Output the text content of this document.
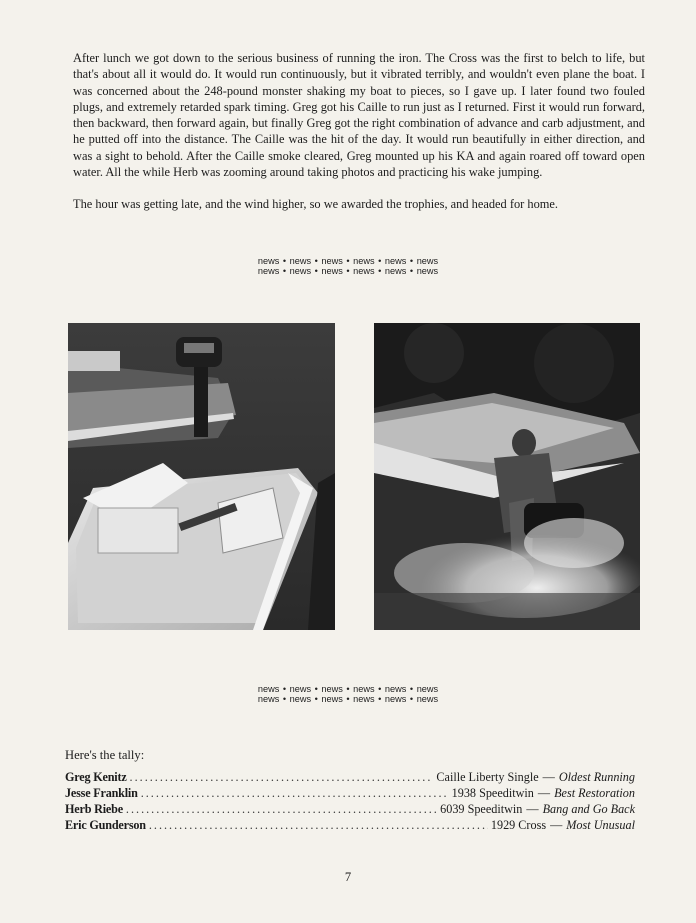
After lunch we got down to the serious business of running the iron. The Cross was the first to belch to life, but that's about all it would do. It would run continuously, but it vibrated terribly, and wouldn't even plane the boat. I was concerned about the 248-pound monster shaking my boat to pieces, so I gave up. I later found two fouled plugs, and extremely retarded spark timing. Greg got his Caille to run just as I returned. First it would run forward, then backward, then forward again, but finally Greg got the right combination of advance and carb adjustment, and he putted off into the distance. The Caille was the hit of the day. It would run beautifully in either direction, and was a sight to behold. After the Caille smoke cleared, Greg mounted up his KA and again roared off toward open water. All the while Herb was zooming around taking photos and practicing his wake jumping.

The hour was getting late, and the wind higher, so we awarded the trophies, and headed for home.

news • news • news • news • news • news
news • news • news • news • news • news
news • news • news • news • news • news
news • news • news • news • news • news

Here's the tally:

Greg Kenitz .....	Caille Liberty Single — Oldest Running
Jesse Franklin .....	1938 Speeditwin — Best Restoration
Herb Riebe .....	6039 Speeditwin — Bang and Go Back
Eric Gunderson .....	1929 Cross — Most Unusual
7
